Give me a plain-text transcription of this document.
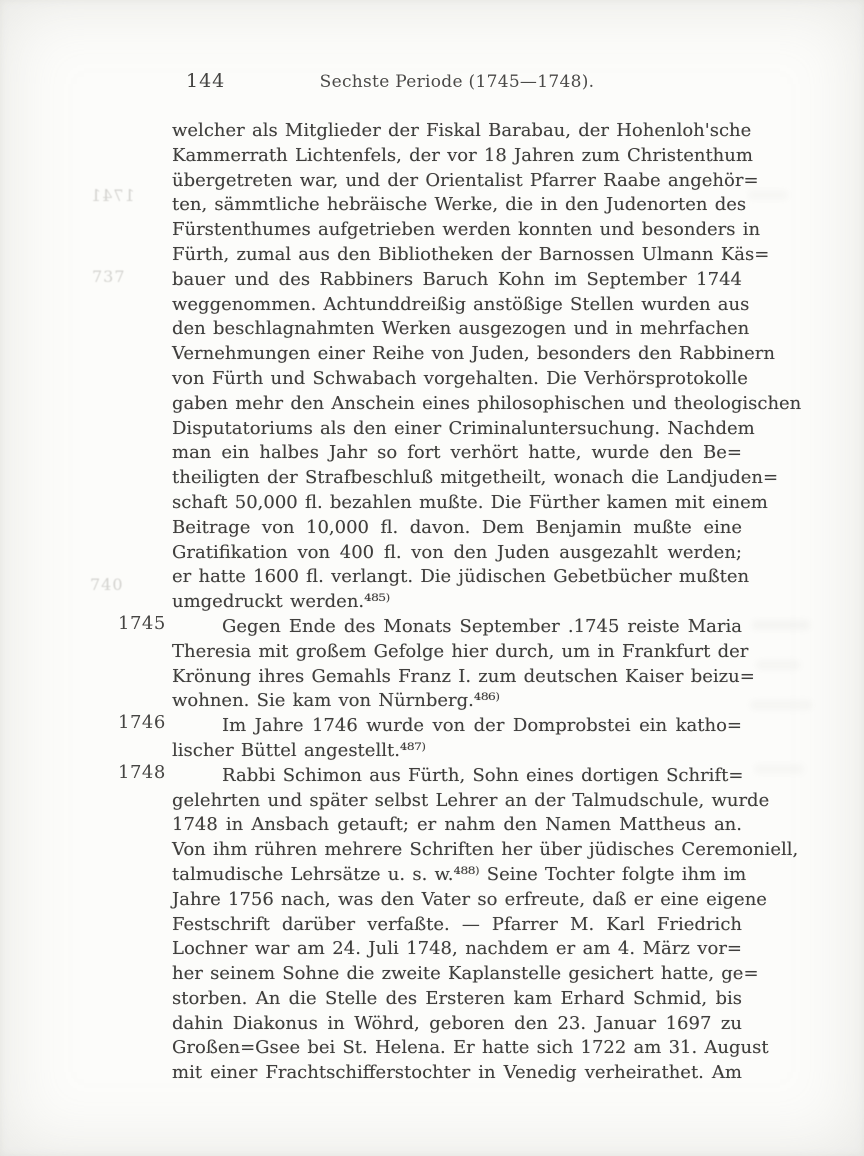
144	Sechste Periode (1745—1748).
1741
737
740
1745
1746
1748
welcher als Mitglieder der Fiskal Barabau, der Hohenloh'sche
Kammerrath Lichtenfels, der vor 18 Jahren zum Christenthum
übergetreten war, und der Orientalist Pfarrer Raabe angehör=
ten, sämmtliche hebräische Werke, die in den Judenorten des
Fürstenthumes aufgetrieben werden konnten und besonders in
Fürth, zumal aus den Bibliotheken der Barnossen Ulmann Käs=
bauer und des Rabbiners Baruch Kohn im September 1744
weggenommen. Achtunddreißig anstößige Stellen wurden aus
den beschlagnahmten Werken ausgezogen und in mehrfachen
Vernehmungen einer Reihe von Juden, besonders den Rabbinern
von Fürth und Schwabach vorgehalten. Die Verhörsprotokolle
gaben mehr den Anschein eines philosophischen und theologischen
Disputatoriums als den einer Criminaluntersuchung. Nachdem
man ein halbes Jahr so fort verhört hatte, wurde den Be=
theiligten der Strafbeschluß mitgetheilt, wonach die Landjuden=
schaft 50,000 fl. bezahlen mußte. Die Fürther kamen mit einem
Beitrage von 10,000 fl. davon. Dem Benjamin mußte eine
Gratifikation von 400 fl. von den Juden ausgezahlt werden;
er hatte 1600 fl. verlangt. Die jüdischen Gebetbücher mußten
umgedruckt werden.⁴⁸⁵⁾
Gegen Ende des Monats September .1745 reiste Maria
Theresia mit großem Gefolge hier durch, um in Frankfurt der
Krönung ihres Gemahls Franz I. zum deutschen Kaiser beizu=
wohnen. Sie kam von Nürnberg.⁴⁸⁶⁾
Im Jahre 1746 wurde von der Domprobstei ein katho=
lischer Büttel angestellt.⁴⁸⁷⁾
Rabbi Schimon aus Fürth, Sohn eines dortigen Schrift=
gelehrten und später selbst Lehrer an der Talmudschule, wurde
1748 in Ansbach getauft; er nahm den Namen Mattheus an.
Von ihm rühren mehrere Schriften her über jüdisches Ceremoniell,
talmudische Lehrsätze u. s. w.⁴⁸⁸⁾ Seine Tochter folgte ihm im
Jahre 1756 nach, was den Vater so erfreute, daß er eine eigene
Festschrift darüber verfaßte. — Pfarrer M. Karl Friedrich
Lochner war am 24. Juli 1748, nachdem er am 4. März vor=
her seinem Sohne die zweite Kaplanstelle gesichert hatte, ge=
storben. An die Stelle des Ersteren kam Erhard Schmid, bis
dahin Diakonus in Wöhrd, geboren den 23. Januar 1697 zu
Großen=Gsee bei St. Helena. Er hatte sich 1722 am 31. August
mit einer Frachtschifferstochter in Venedig verheirathet. Am
